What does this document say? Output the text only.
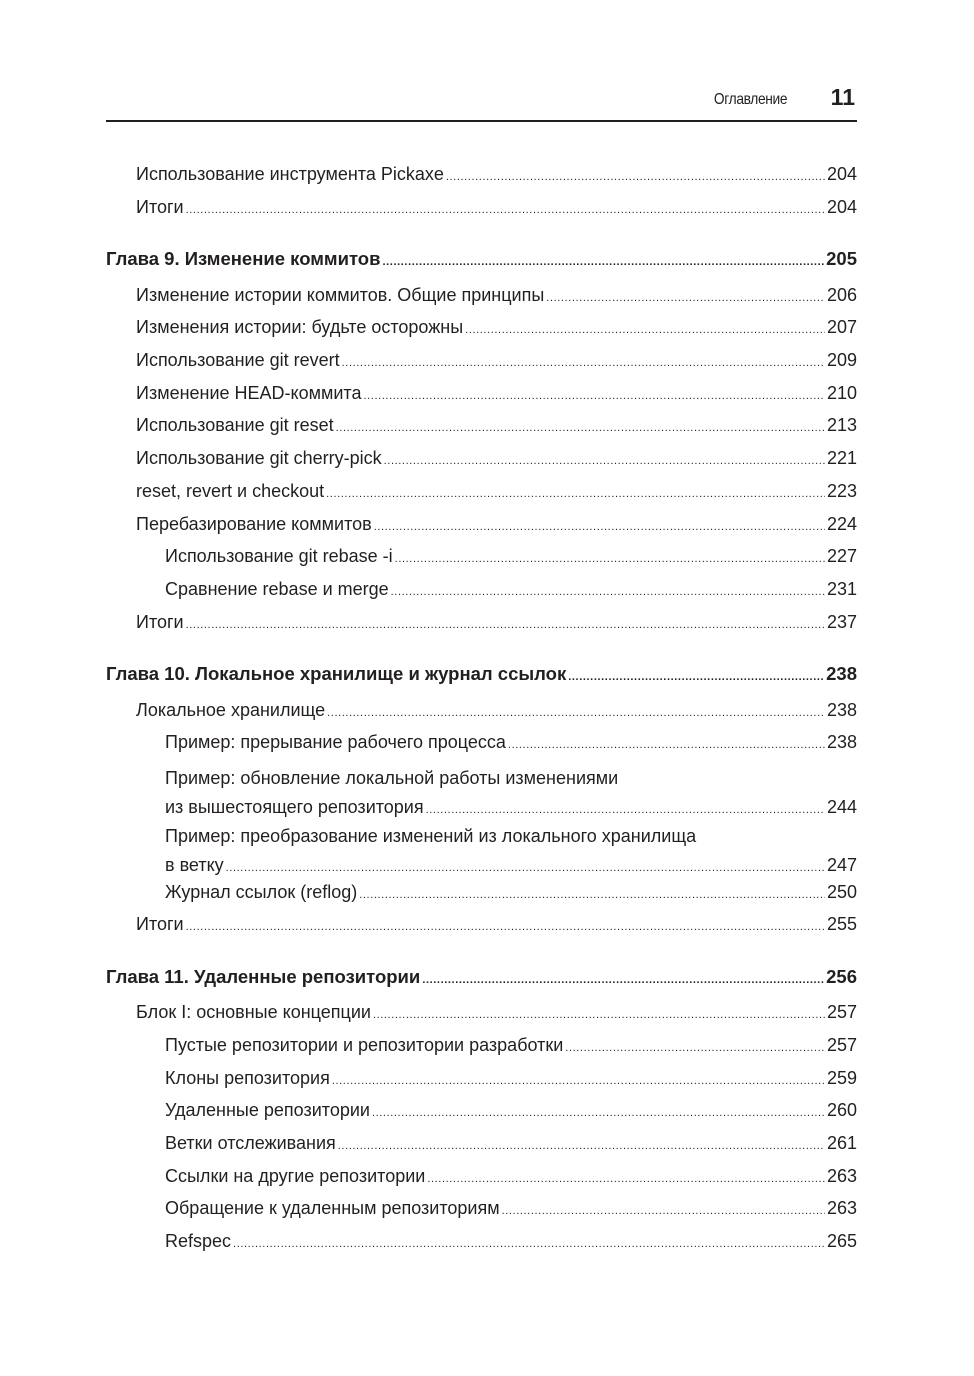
Оглавление 11
Использование инструмента Pickaxe .....	204
Итоги .....	204
Глава 9. Изменение коммитов .....	205
Изменение истории коммитов. Общие принципы .....	206
Изменения истории: будьте осторожны .....	207
Использование git revert .....	209
Изменение HEAD-коммита .....	210
Использование git reset .....	213
Использование git cherry-pick .....	221
reset, revert и checkout .....	223
Перебазирование коммитов .....	224
Использование git rebase -i .....	227
Сравнение rebase и merge .....	231
Итоги .....	237
Глава 10. Локальное хранилище и журнал ссылок .....	238
Локальное хранилище .....	238
Пример: прерывание рабочего процесса .....	238
Пример: обновление локальной работы изменениями
из вышестоящего репозитория .....	244
Пример: преобразование изменений из локального хранилища
в ветку .....	247
Журнал ссылок (reflog) .....	250
Итоги .....	255
Глава 11. Удаленные репозитории .....	256
Блок I: основные концепции .....	257
Пустые репозитории и репозитории разработки .....	257
Клоны репозитория .....	259
Удаленные репозитории .....	260
Ветки отслеживания .....	261
Ссылки на другие репозитории .....	263
Обращение к удаленным репозиториям .....	263
Refspec .....	265
